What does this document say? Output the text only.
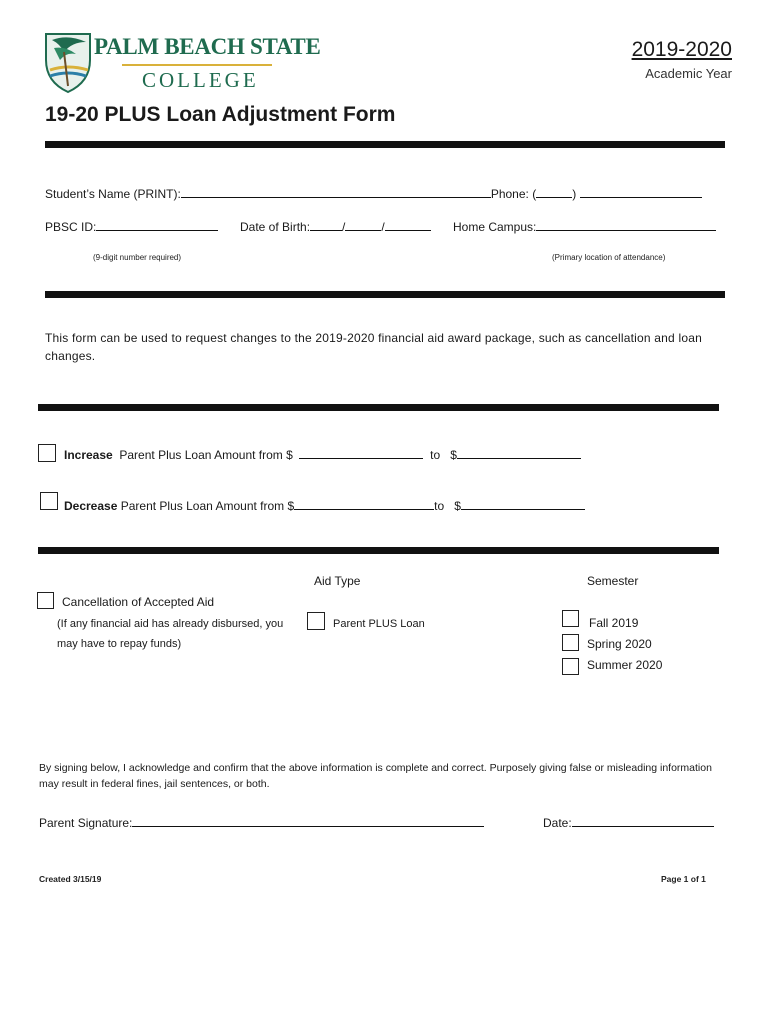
PALM BEACH STATE
COLLEGE
2019-2020
Academic Year
19-20 PLUS Loan Adjustment Form
Student’s Name (PRINT):	Phone: (	)
PBSC ID:	Date of Birth:	/	/	Home Campus:
(9-digit number required)	(Primary location of attendance)
This form can be used to request changes to the 2019-2020 financial aid award package, such as cancellation and loan changes.
Increase Parent Plus Loan Amount from $	to $
Decrease Parent Plus Loan Amount from $	to $
Aid Type	Semester
Cancellation of Accepted Aid
(If any financial aid has already disbursed, you
may have to repay funds)
Parent PLUS Loan	Fall 2019
Spring 2020
Summer 2020
By signing below, I acknowledge and confirm that the above information is complete and correct. Purposely giving false or misleading information may result in federal fines, jail sentences, or both.
Parent Signature:	Date:
Created 3/15/19	Page 1 of 1
